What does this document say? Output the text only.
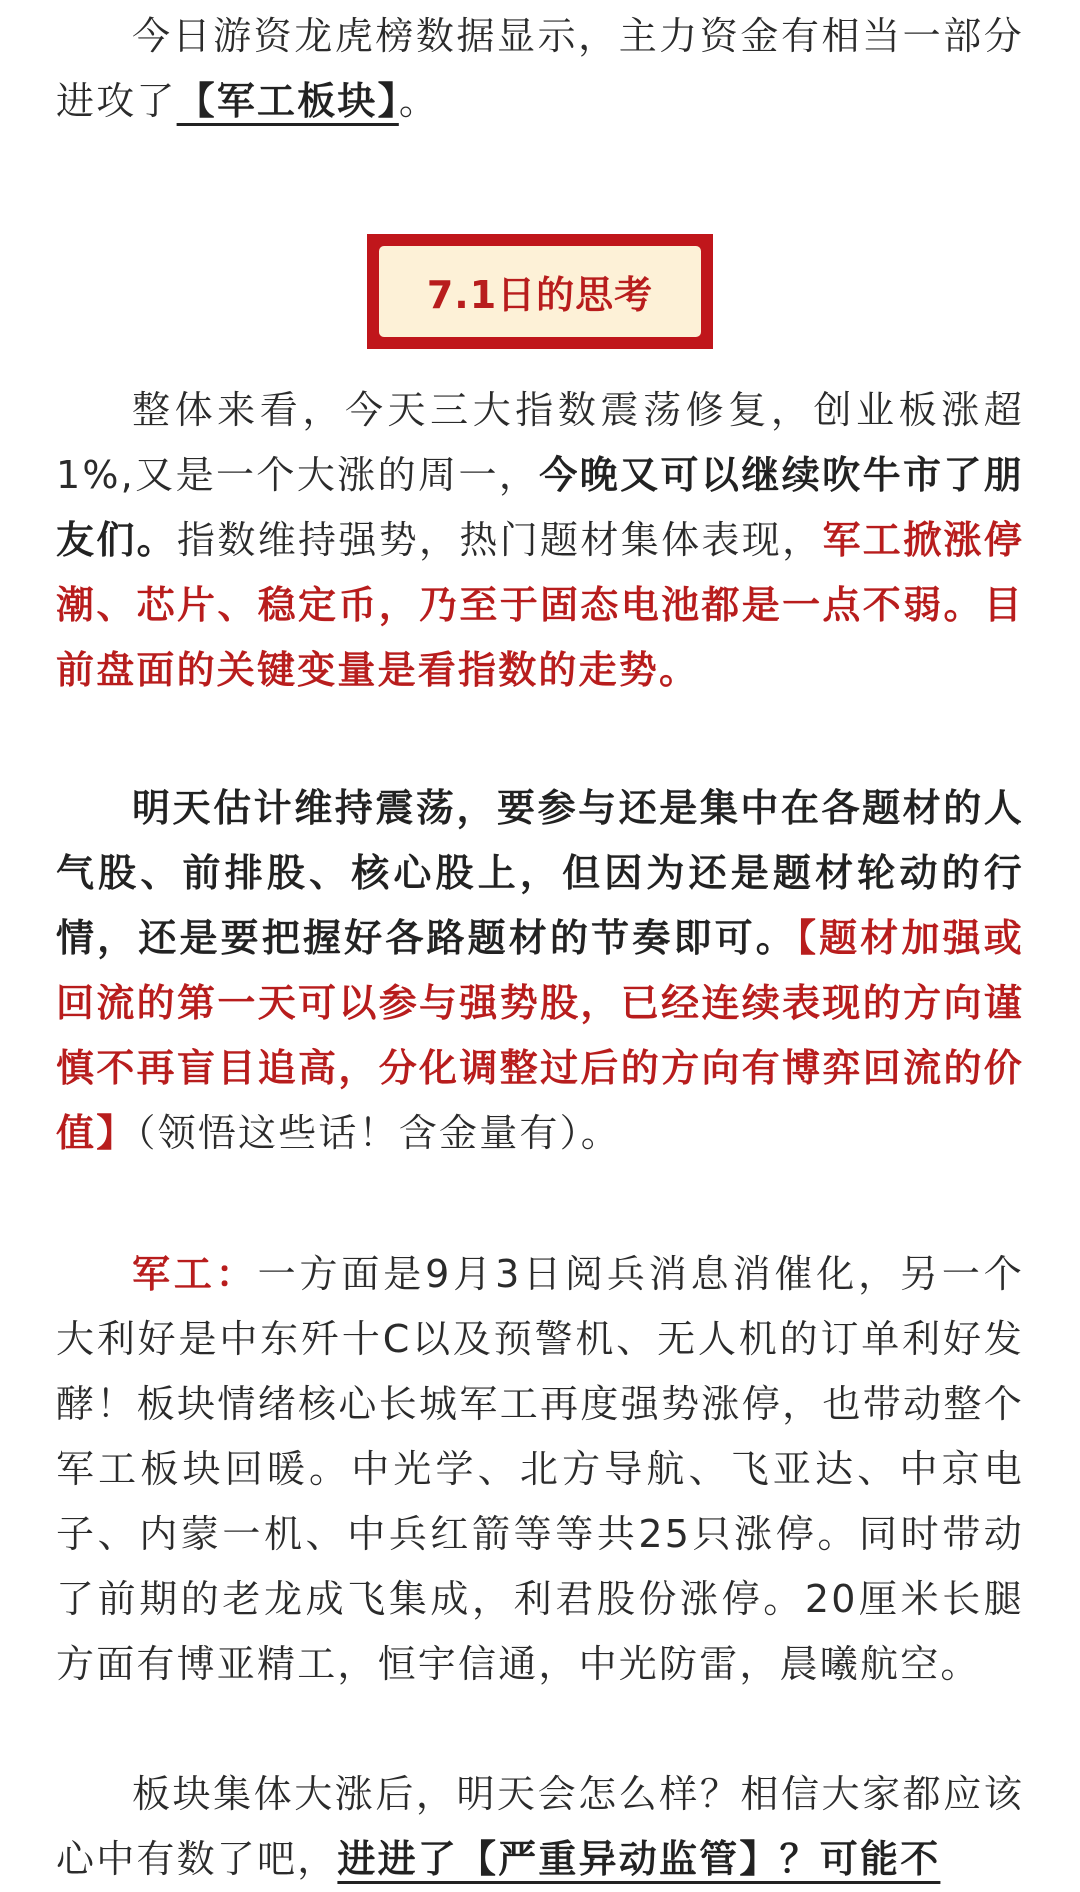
今日游资龙虎榜数据显示，主力资金有相当一部分进攻了【军工板块】。

整体来看，今天三大指数震荡修复，创业板涨超1%,又是一个大涨的周一，今晚又可以继续吹牛市了朋友们。指数维持强势，热门题材集体表现，军工掀涨停潮、芯片、稳定币，乃至于固态电池都是一点不弱。目前盘面的关键变量是看指数的走势。

明天估计维持震荡，要参与还是集中在各题材的人气股、前排股、核心股上，但因为还是题材轮动的行情，还是要把握好各路题材的节奏即可。【题材加强或回流的第一天可以参与强势股，已经连续表现的方向谨慎不再盲目追高，分化调整过后的方向有博弈回流的价值】（领悟这些话！含金量有）。

军工：一方面是9月3日阅兵消息消催化，另一个大利好是中东歼十C以及预警机、无人机的订单利好发酵！板块情绪核心长城军工再度强势涨停，也带动整个军工板块回暖。中光学、北方导航、飞亚达、中京电子、内蒙一机、中兵红箭等等共25只涨停。同时带动了前期的老龙成飞集成，利君股份涨停。20厘米长腿方面有博亚精工，恒宇信通，中光防雷，晨曦航空。

板块集体大涨后，明天会怎么样？相信大家都应该心中有数了吧，进进了【严重异动监管】？可能不

7.1日的思考
